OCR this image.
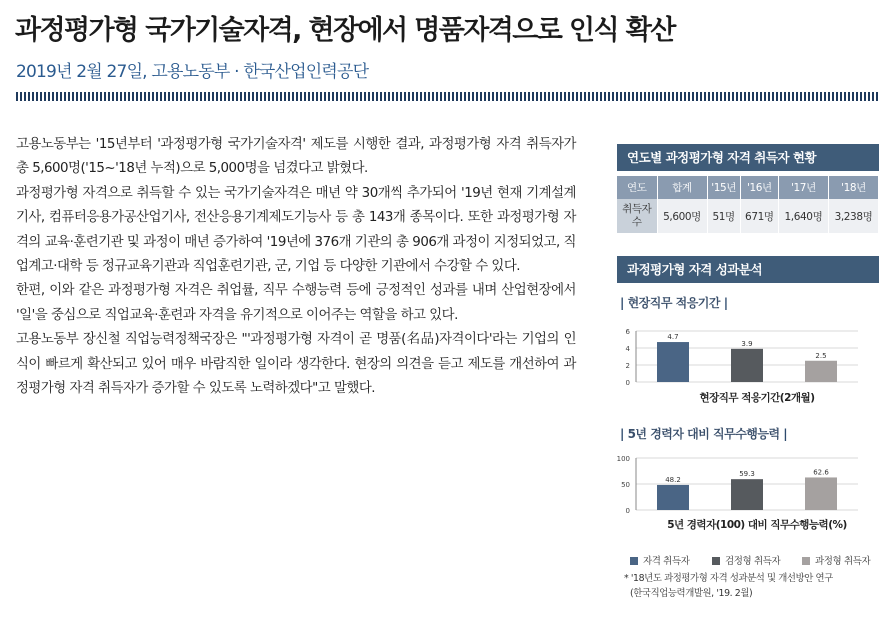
과정평가형 국가기술자격, 현장에서 명품자격으로 인식 확산
2019년 2월 27일, 고용노동부 · 한국산업인력공단

고용노동부는 '15년부터 '과정평가형 국가기술자격' 제도를 시행한 결과, 과정평가형 자격 취득자가 총 5,600명('15~'18년 누적)으로 5,000명을 넘겼다고 밝혔다.

과정평가형 자격으로 취득할 수 있는 국가기술자격은 매년 약 30개씩 추가되어 '19년 현재 기계설계기사, 컴퓨터응용가공산업기사, 전산응용기계제도기능사 등 총 143개 종목이다. 또한 과정평가형 자격의 교육·훈련기관 및 과정이 매년 증가하여 '19년에 376개 기관의 총 906개 과정이 지정되었고, 직업계고·대학 등 정규교육기관과 직업훈련기관, 군, 기업 등 다양한 기관에서 수강할 수 있다.

한편, 이와 같은 과정평가형 자격은 취업률, 직무 수행능력 등에 긍정적인 성과를 내며 산업현장에서 '일'을 중심으로 직업교육·훈련과 자격을 유기적으로 이어주는 역할을 하고 있다.

고용노동부 장신철 직업능력정책국장은 "'과정평가형 자격이 곧 명품(名品)자격이다'라는 기업의 인식이 빠르게 확산되고 있어 매우 바람직한 일이라 생각한다. 현장의 의견을 듣고 제도를 개선하여 과정평가형 자격 취득자가 증가할 수 있도록 노력하겠다"고 말했다.

연도별 과정평가형 자격 취득자 현황
연도	합계	'15년	'16년	'17년	'18년
취득자 수	5,600명	51명	671명	1,640명	3,238명
과정평가형 자격 성과분석
| 현장직무 적응기간 |
0
2
4
6
4.7
3.9
2.5
현장직무 적응기간(2개월)
| 5년 경력자 대비 직무수행능력 |
0
50
100
48.2
59.3	62.6
5년 경력자(100) 대비 직무수행능력(%)
자격 취득자	검정형 취득자	과정형 취득자
* '18년도 과정평가형 자격 성과분석 및 개선방안 연구
(한국직업능력개발원, '19. 2월)
